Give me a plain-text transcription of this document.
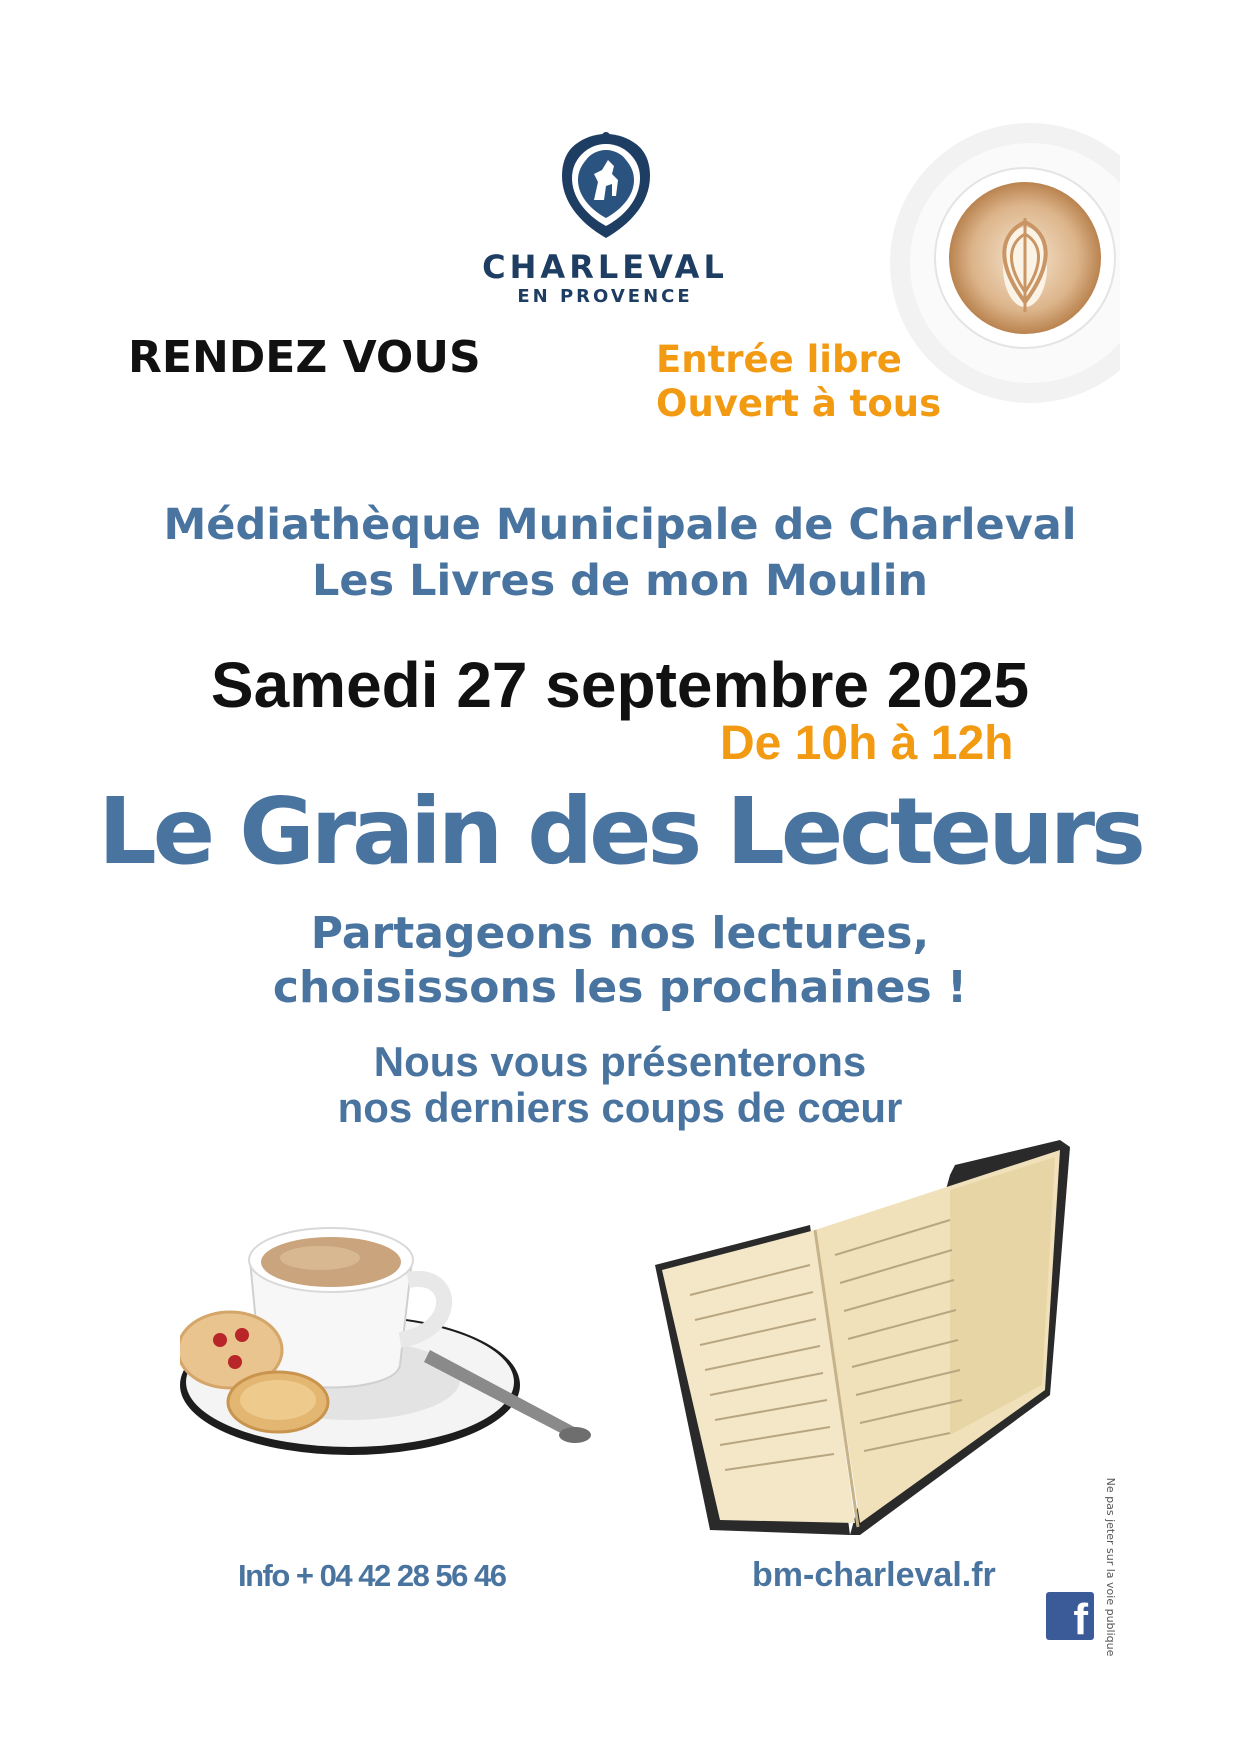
CHARLEVAL
EN PROVENCE
RENDEZ VOUS	Entrée libre
Ouvert à tous
Médiathèque Municipale de Charleval
Les Livres de mon Moulin
Samedi 27 septembre 2025
De 10h à 12h
Le Grain des Lecteurs
Partageons nos lectures,
choisissons les prochaines !
Nous vous présenterons
nos derniers coups de cœur
Info + 04 42 28 56 46	bm-charleval.fr
f Ne pas jeter sur la voie publique
